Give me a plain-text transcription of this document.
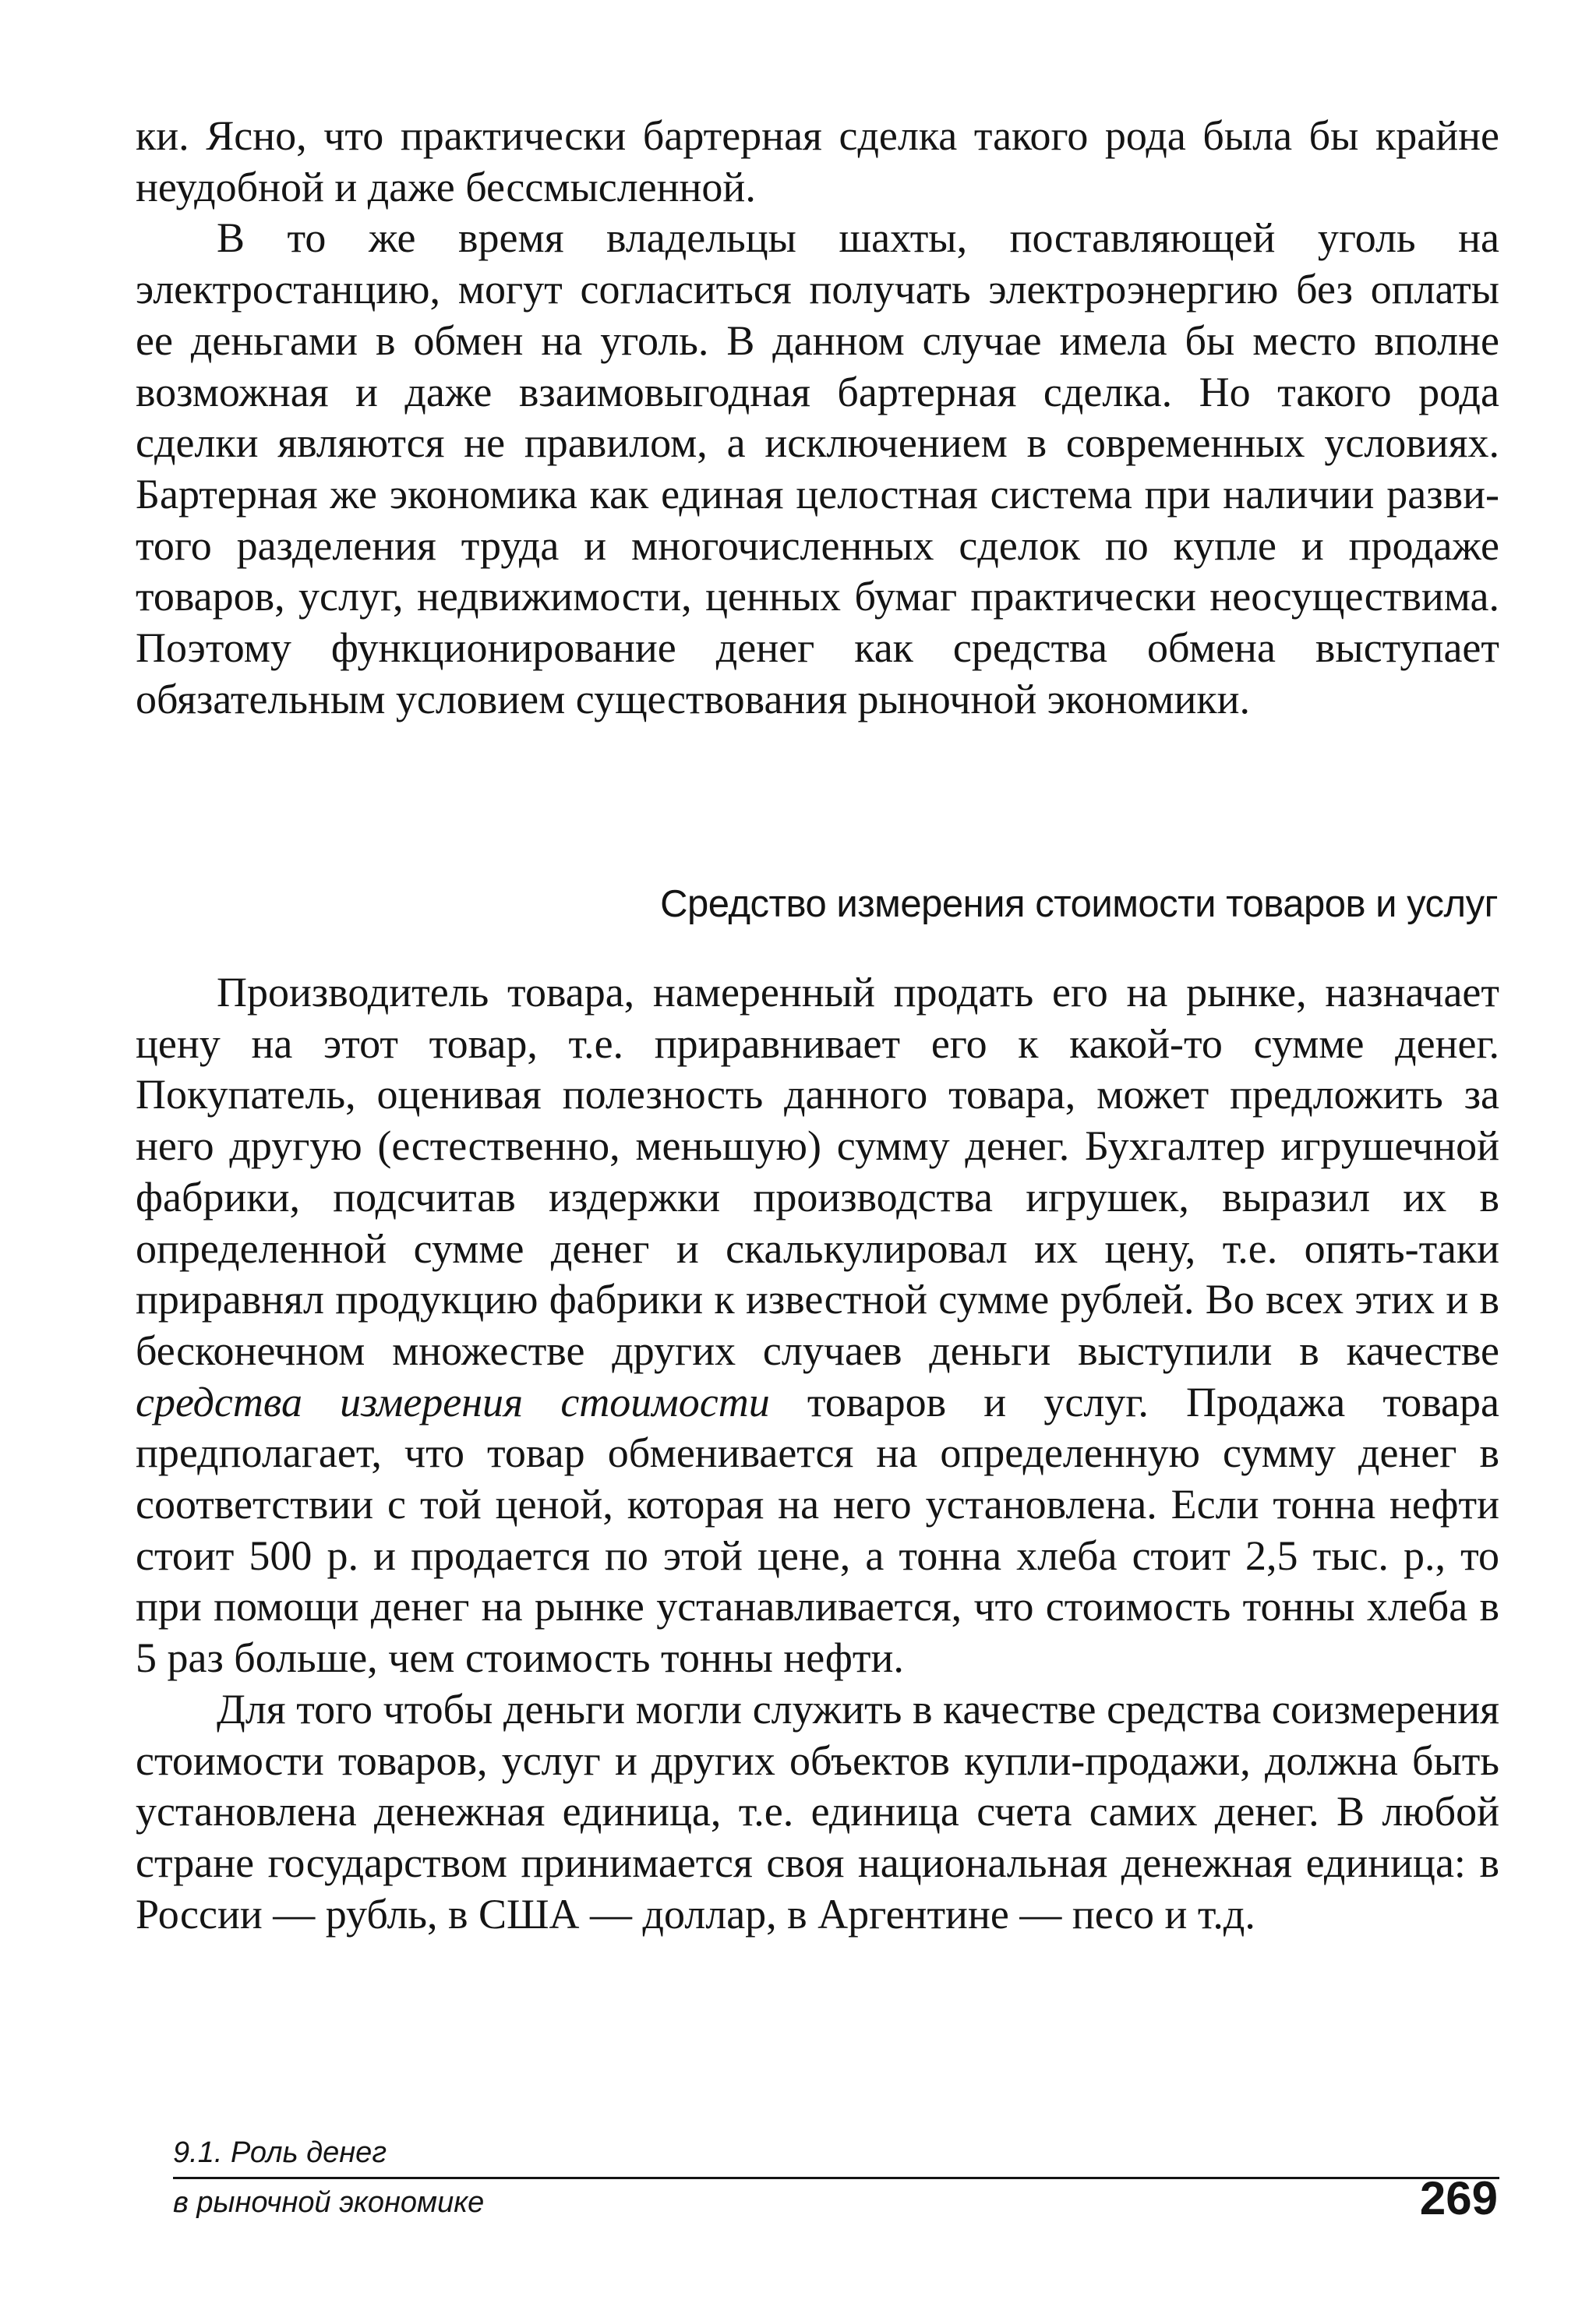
ки. Ясно, что практически бартерная сделка такого рода была бы крайне неудобной и даже бессмысленной.

В то же время владельцы шахты, поставляющей уголь на электростанцию, могут согласиться получать электроэнергию без оплаты ее деньгами в обмен на уголь. В данном случае имела бы место вполне возможная и даже взаимовыгодная бартерная сделка. Но такого рода сделки являются не правилом, а исключением в современных условиях. Бартерная же экономика как единая целостная система при наличии развитого разделения труда и многочисленных сделок по купле и продаже товаров, услуг, недвижимости, ценных бумаг практически неосуществима. Поэтому функционирование денег как средства обмена выступает обязательным условием существования рыночной экономики.

Средство измерения стоимости товаров и услуг

Производитель товара, намеренный продать его на рынке, назначает цену на этот товар, т.е. приравнивает его к какой-то сумме денег. Покупатель, оценивая полезность данного товара, может предложить за него другую (естественно, меньшую) сумму денег. Бухгалтер игрушечной фабрики, подсчитав издержки производства игрушек, выразил их в определенной сумме денег и скалькулировал их цену, т.е. опять-таки приравнял продукцию фабрики к известной сумме рублей. Во всех этих и в бесконечном множестве других случаев деньги выступили в качестве средства измерения стоимости товаров и услуг. Продажа товара предполагает, что товар обменивается на определенную сумму денег в соответствии с той ценой, которая на него установлена. Если тонна нефти стоит 500 р. и продается по этой цене, а тонна хлеба стоит 2,5 тыс. р., то при помощи денег на рынке устанавливается, что стоимость тонны хлеба в 5 раз больше, чем стоимость тонны нефти.

Для того чтобы деньги могли служить в качестве средства соизмерения стоимости товаров, услуг и других объектов купли-продажи, должна быть установлена денежная единица, т.е. единица счета самих денег. В любой стране государством принимается своя национальная денежная единица: в России — рубль, в США — доллар, в Аргентине — песо и т.д.

9.1. Роль денег
в рыночной экономике	269
